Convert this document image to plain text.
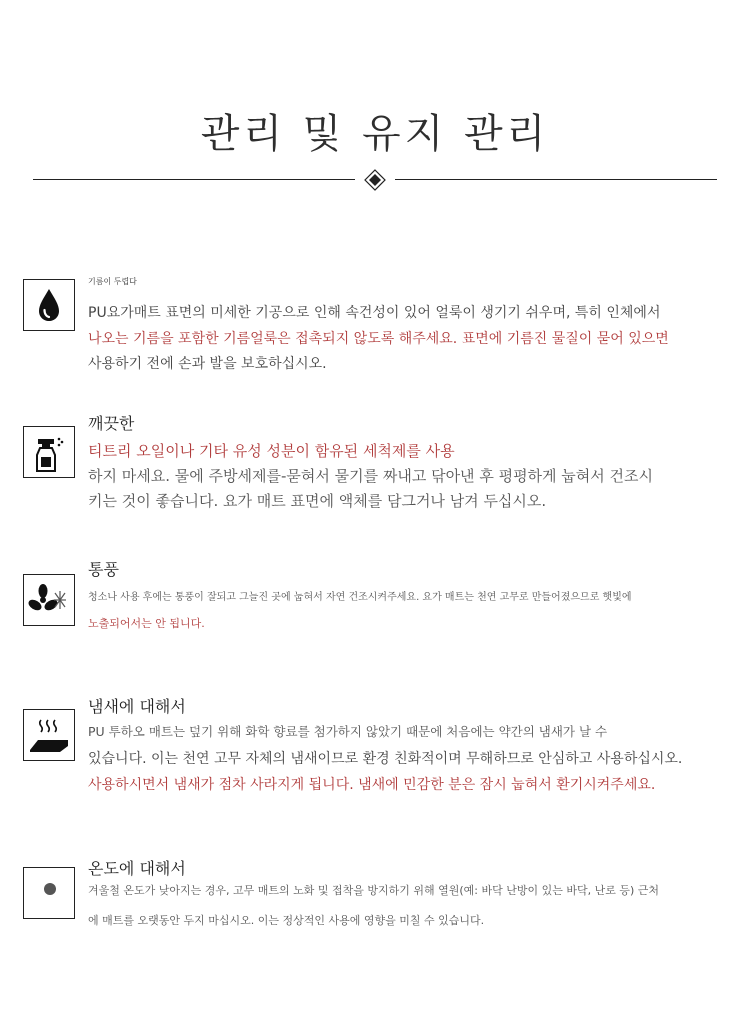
관리 및 유지 관리
기름이 두렵다
PU요가매트 표면의 미세한 기공으로 인해 속건성이 있어 얼룩이 생기기 쉬우며, 특히 인체에서
나오는 기름을 포함한 기름얼룩은 접촉되지 않도록 해주세요. 표면에 기름진 물질이 묻어 있으면
사용하기 전에 손과 발을 보호하십시오.
깨끗한
티트리 오일이나 기타 유성 성분이 함유된 세척제를 사용
하지 마세요. 물에 주방세제를-묻혀서 물기를 짜내고 닦아낸 후 평평하게 눕혀서 건조시
키는 것이 좋습니다. 요가 매트 표면에 액체를 담그거나 남겨 두십시오.
통풍
청소나 사용 후에는 통풍이 잘되고 그늘진 곳에 눕혀서 자연 건조시켜주세요. 요가 매트는 천연 고무로 만들어졌으므로 햇빛에
노출되어서는 안 됩니다.
냄새에 대해서
PU 투하오 매트는 덮기 위해 화학 향료를 첨가하지 않았기 때문에 처음에는 약간의 냄새가 날 수
있습니다. 이는 천연 고무 자체의 냄새이므로 환경 친화적이며 무해하므로 안심하고 사용하십시오.
사용하시면서 냄새가 점차 사라지게 됩니다. 냄새에 민감한 분은 잠시 눕혀서 환기시켜주세요.
온도에 대해서
겨울철 온도가 낮아지는 경우, 고무 매트의 노화 및 접착을 방지하기 위해 열원(예: 바닥 난방이 있는 바닥, 난로 등) 근처
에 매트를 오랫동안 두지 마십시오. 이는 정상적인 사용에 영향을 미칠 수 있습니다.
